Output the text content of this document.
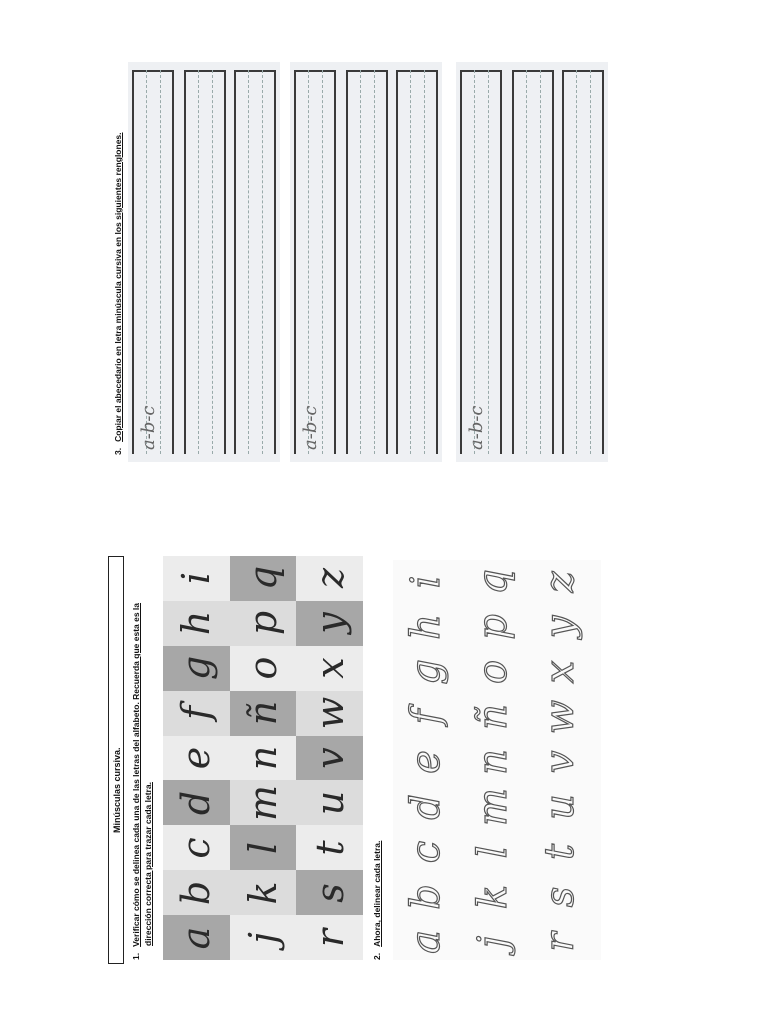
Minúsculas cursiva.
1.Verificar cómo se delinea cada una de las letras del alfabeto. Recuerda que esta es la dirección correcta para trazar cada letra. a
b
c
d
e
f
g
h
i
j
k
l
m
n
ñ
o
p
q
r
s
t
u
v
w
x
y
z
2.Ahora, delinear cada letra. a
b
c
d
e
f
g
h
i
j
k
l
m
n
ñ
o
p
q
r
s
t
u
v
w
x
y
z
3.Copiar el abecedario en letra minúscula cursiva en los siguientes renglones. a-b-c	a-b-c	a-b-c
